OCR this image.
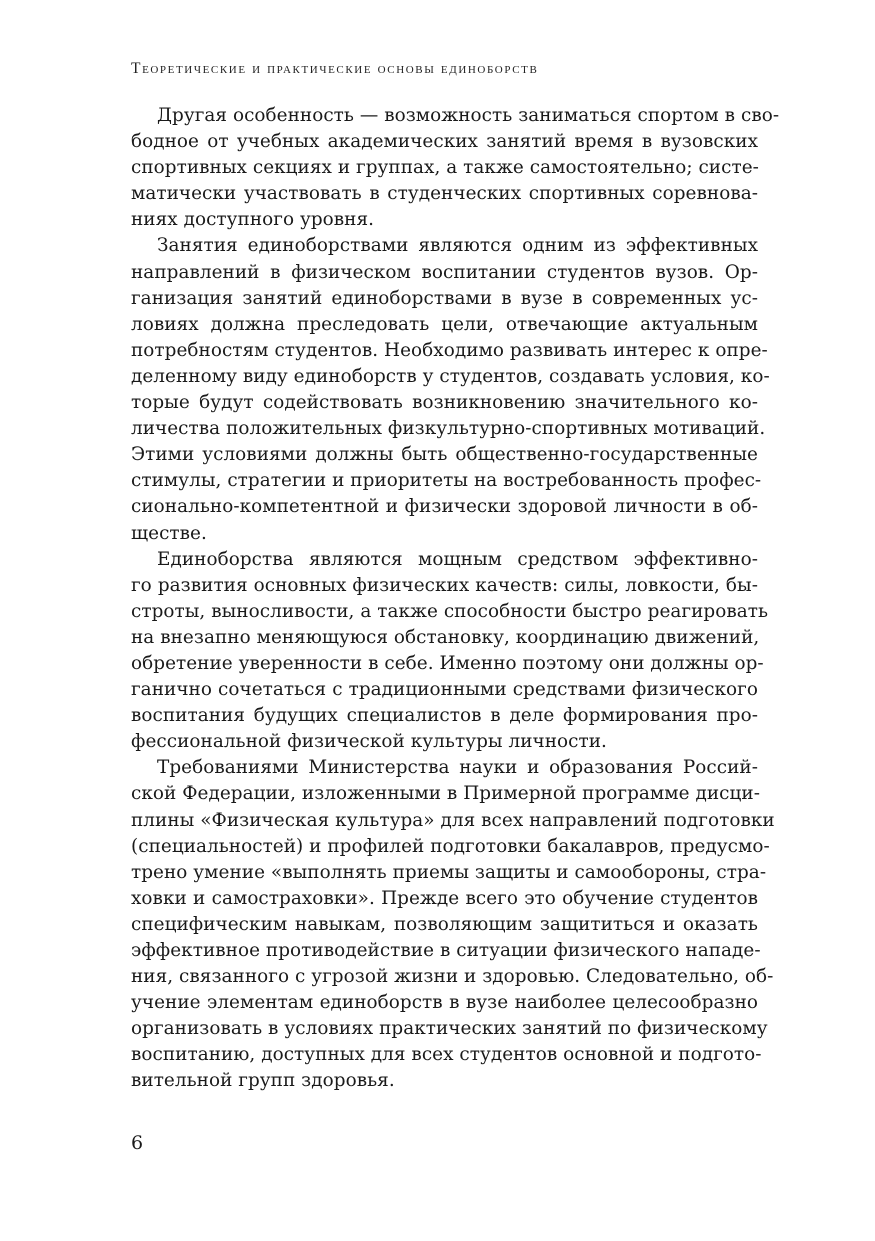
Теоретические и практические основы единоборств

Другая особенность — возможность заниматься спортом в сво-
бодное от учебных академических занятий время в вузовских
спортивных секциях и группах, а также самостоятельно; систе-
матически участвовать в студенческих спортивных соревнова-
ниях доступного уровня.

Занятия единоборствами являются одним из эффективных
направлений в физическом воспитании студентов вузов. Ор-
ганизация занятий единоборствами в вузе в современных ус-
ловиях должна преследовать цели, отвечающие актуальным
потребностям студентов. Необходимо развивать интерес к опре-
деленному виду единоборств у студентов, создавать условия, ко-
торые будут содействовать возникновению значительного ко-
личества положительных физкультурно-спортивных мотиваций.
Этими условиями должны быть общественно-государственные
стимулы, стратегии и приоритеты на востребованность профес-
сионально-компетентной и физически здоровой личности в об-
ществе.

Единоборства являются мощным средством эффективно-
го развития основных физических качеств: силы, ловкости, бы-
строты, выносливости, а также способности быстро реагировать
на внезапно меняющуюся обстановку, координацию движений,
обретение уверенности в себе. Именно поэтому они должны ор-
ганично сочетаться с традиционными средствами физического
воспитания будущих специалистов в деле формирования про-
фессиональной физической культуры личности.

Требованиями Министерства науки и образования Россий-
ской Федерации, изложенными в Примерной программе дисци-
плины «Физическая культура» для всех направлений подготовки
(специальностей) и профилей подготовки бакалавров, предусмо-
трено умение «выполнять приемы защиты и самообороны, стра-
ховки и самостраховки». Прежде всего это обучение студентов
специфическим навыкам, позволяющим защититься и оказать
эффективное противодействие в ситуации физического нападе-
ния, связанного с угрозой жизни и здоровью. Следовательно, об-
учение элементам единоборств в вузе наиболее целесообразно
организовать в условиях практических занятий по физическому
воспитанию, доступных для всех студентов основной и подгото-
вительной групп здоровья.

6
